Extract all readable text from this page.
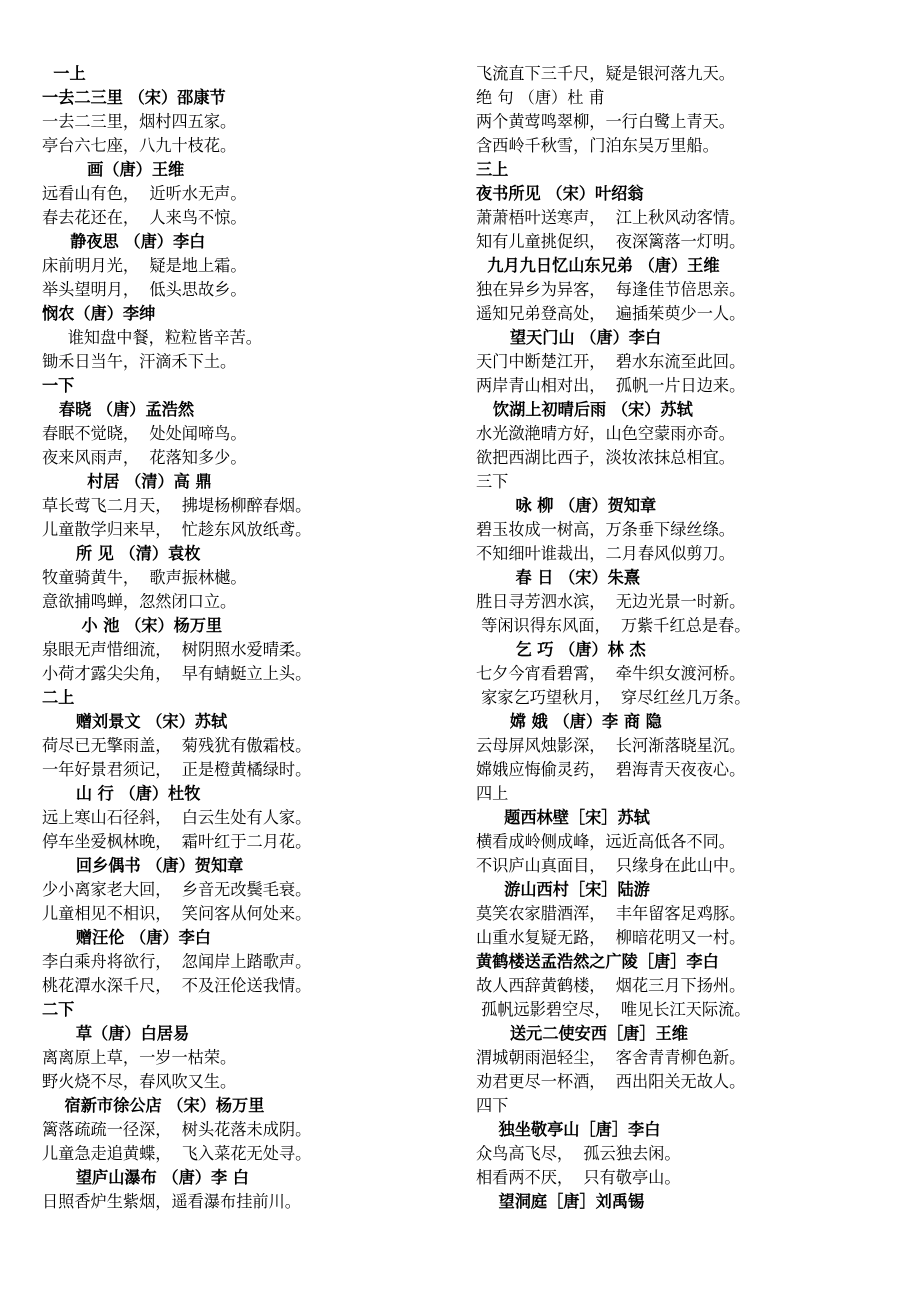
一上
一去二三里 （宋）邵康节
一去二三里，烟村四五家。
亭台六七座，八九十枝花。
画（唐）王维
远看山有色，  近听水无声。
春去花还在，  人来鸟不惊。
静夜思 （唐）李白
床前明月光，  疑是地上霜。
举头望明月，  低头思故乡。
悯农（唐）李绅
谁知盘中餐，粒粒皆辛苦。
锄禾日当午，汗滴禾下土。
一下
春晓 （唐）孟浩然
春眠不觉晓，  处处闻啼鸟。
夜来风雨声，  花落知多少。
村居 （清）高 鼎
草长莺飞二月天，  拂堤杨柳醉春烟。
儿童散学归来早，  忙趁东风放纸鸢。
所 见 （清）袁枚
牧童骑黄牛，  歌声振林樾。
意欲捕鸣蝉，忽然闭口立。
小 池 （宋）杨万里
泉眼无声惜细流，  树阴照水爱晴柔。
小荷才露尖尖角，  早有蜻蜓立上头。
二上
赠刘景文 （宋）苏轼
荷尽已无擎雨盖，  菊残犹有傲霜枝。
一年好景君须记，  正是橙黄橘绿时。
山 行 （唐）杜牧
远上寒山石径斜，  白云生处有人家。
停车坐爱枫林晚，  霜叶红于二月花。
回乡偶书 （唐）贺知章
少小离家老大回，  乡音无改鬓毛衰。
儿童相见不相识，  笑问客从何处来。
赠汪伦 （唐）李白
李白乘舟将欲行，  忽闻岸上踏歌声。
桃花潭水深千尺，  不及汪伦送我情。
二下
草（唐）白居易
离离原上草，一岁一枯荣。
野火烧不尽，春风吹又生。
宿新市徐公店 （宋）杨万里
篱落疏疏一径深，  树头花落未成阴。
儿童急走追黄蝶，  飞入菜花无处寻。
望庐山瀑布 （唐）李 白
日照香炉生紫烟，遥看瀑布挂前川。
飞流直下三千尺，疑是银河落九天。
绝 句 （唐）杜 甫
两个黄莺鸣翠柳，一行白鹭上青天。
含西岭千秋雪，门泊东吴万里船。
三上
夜书所见 （宋）叶绍翁
萧萧梧叶送寒声，  江上秋风动客情。
知有儿童挑促织，  夜深篱落一灯明。
九月九日忆山东兄弟 （唐）王维
独在异乡为异客，  每逢佳节倍思亲。
遥知兄弟登高处，  遍插茱萸少一人。
望天门山 （唐）李白
天门中断楚江开，  碧水东流至此回。
两岸青山相对出，  孤帆一片日边来。
饮湖上初晴后雨 （宋）苏轼
水光潋滟晴方好，山色空蒙雨亦奇。
欲把西湖比西子，淡妆浓抹总相宜。
三下
咏 柳 （唐）贺知章
碧玉妆成一树高，万条垂下绿丝绦。
不知细叶谁裁出，二月春风似剪刀。
春 日 （宋）朱熹
胜日寻芳泗水滨，  无边光景一时新。
等闲识得东风面，  万紫千红总是春。
乞 巧 （唐）林 杰
七夕今宵看碧霄，  牵牛织女渡河桥。
家家乞巧望秋月，  穿尽红丝几万条。
嫦 娥 （唐）李 商 隐
云母屏风烛影深，  长河渐落晓星沉。
嫦娥应悔偷灵药，  碧海青天夜夜心。
四上
题西林壁［宋］苏轼
横看成岭侧成峰，远近高低各不同。
不识庐山真面目，  只缘身在此山中。
游山西村［宋］陆游
莫笑农家腊酒浑，  丰年留客足鸡豚。
山重水复疑无路，  柳暗花明又一村。
黄鹤楼送孟浩然之广陵［唐］李白
故人西辞黄鹤楼，  烟花三月下扬州。
孤帆远影碧空尽，  唯见长江天际流。
送元二使安西［唐］王维
渭城朝雨浥轻尘，  客舍青青柳色新。
劝君更尽一杯酒，  西出阳关无故人。
四下
独坐敬亭山［唐］李白
众鸟高飞尽，  孤云独去闲。
相看两不厌，  只有敬亭山。
望洞庭［唐］刘禹锡
